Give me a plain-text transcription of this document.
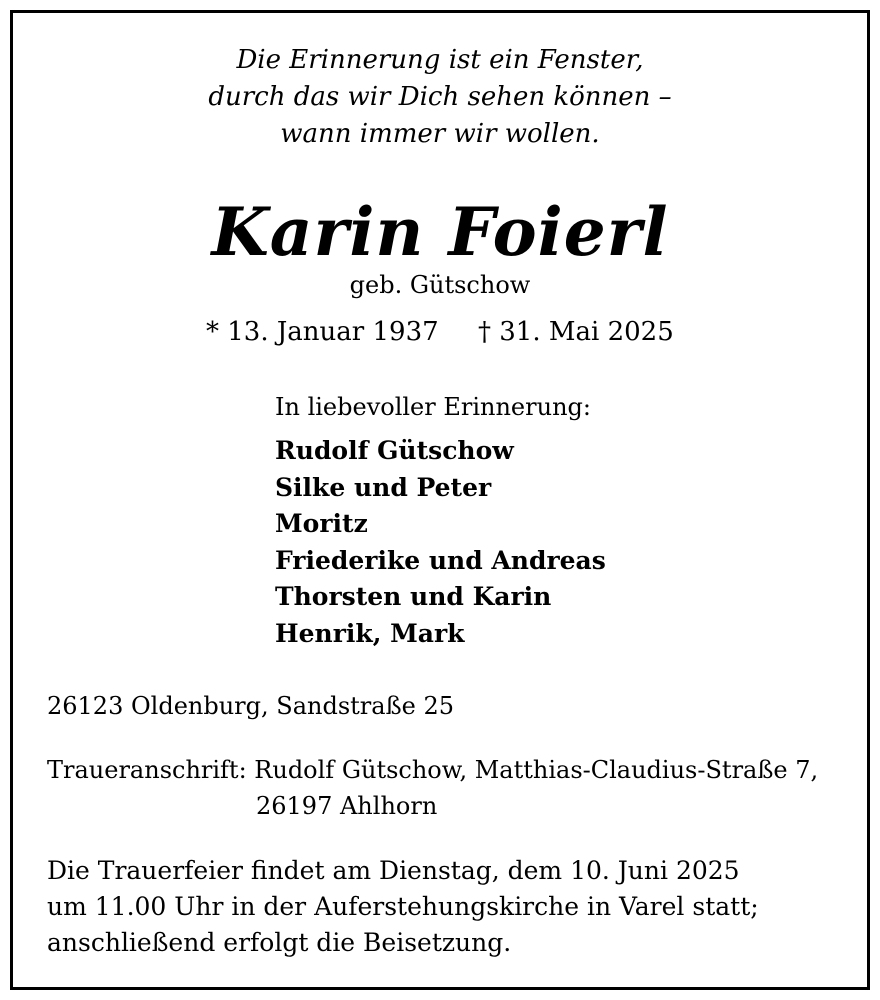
Die Erinnerung ist ein Fenster,
durch das wir Dich sehen können –
wann immer wir wollen.
Karin Foierl
geb. Gütschow
* 13. Januar 1937 † 31. Mai 2025
In liebevoller Erinnerung:
Rudolf Gütschow
Silke und Peter
Moritz
Friederike und Andreas
Thorsten und Karin
Henrik, Mark
26123 Oldenburg, Sandstraße 25
Traueranschrift: Rudolf Gütschow, Matthias-Claudius-Straße 7,
26197 Ahlhorn
Die Trauerfeier findet am Dienstag, dem 10. Juni 2025
um 11.00 Uhr in der Auferstehungskirche in Varel statt;
anschließend erfolgt die Beisetzung.
